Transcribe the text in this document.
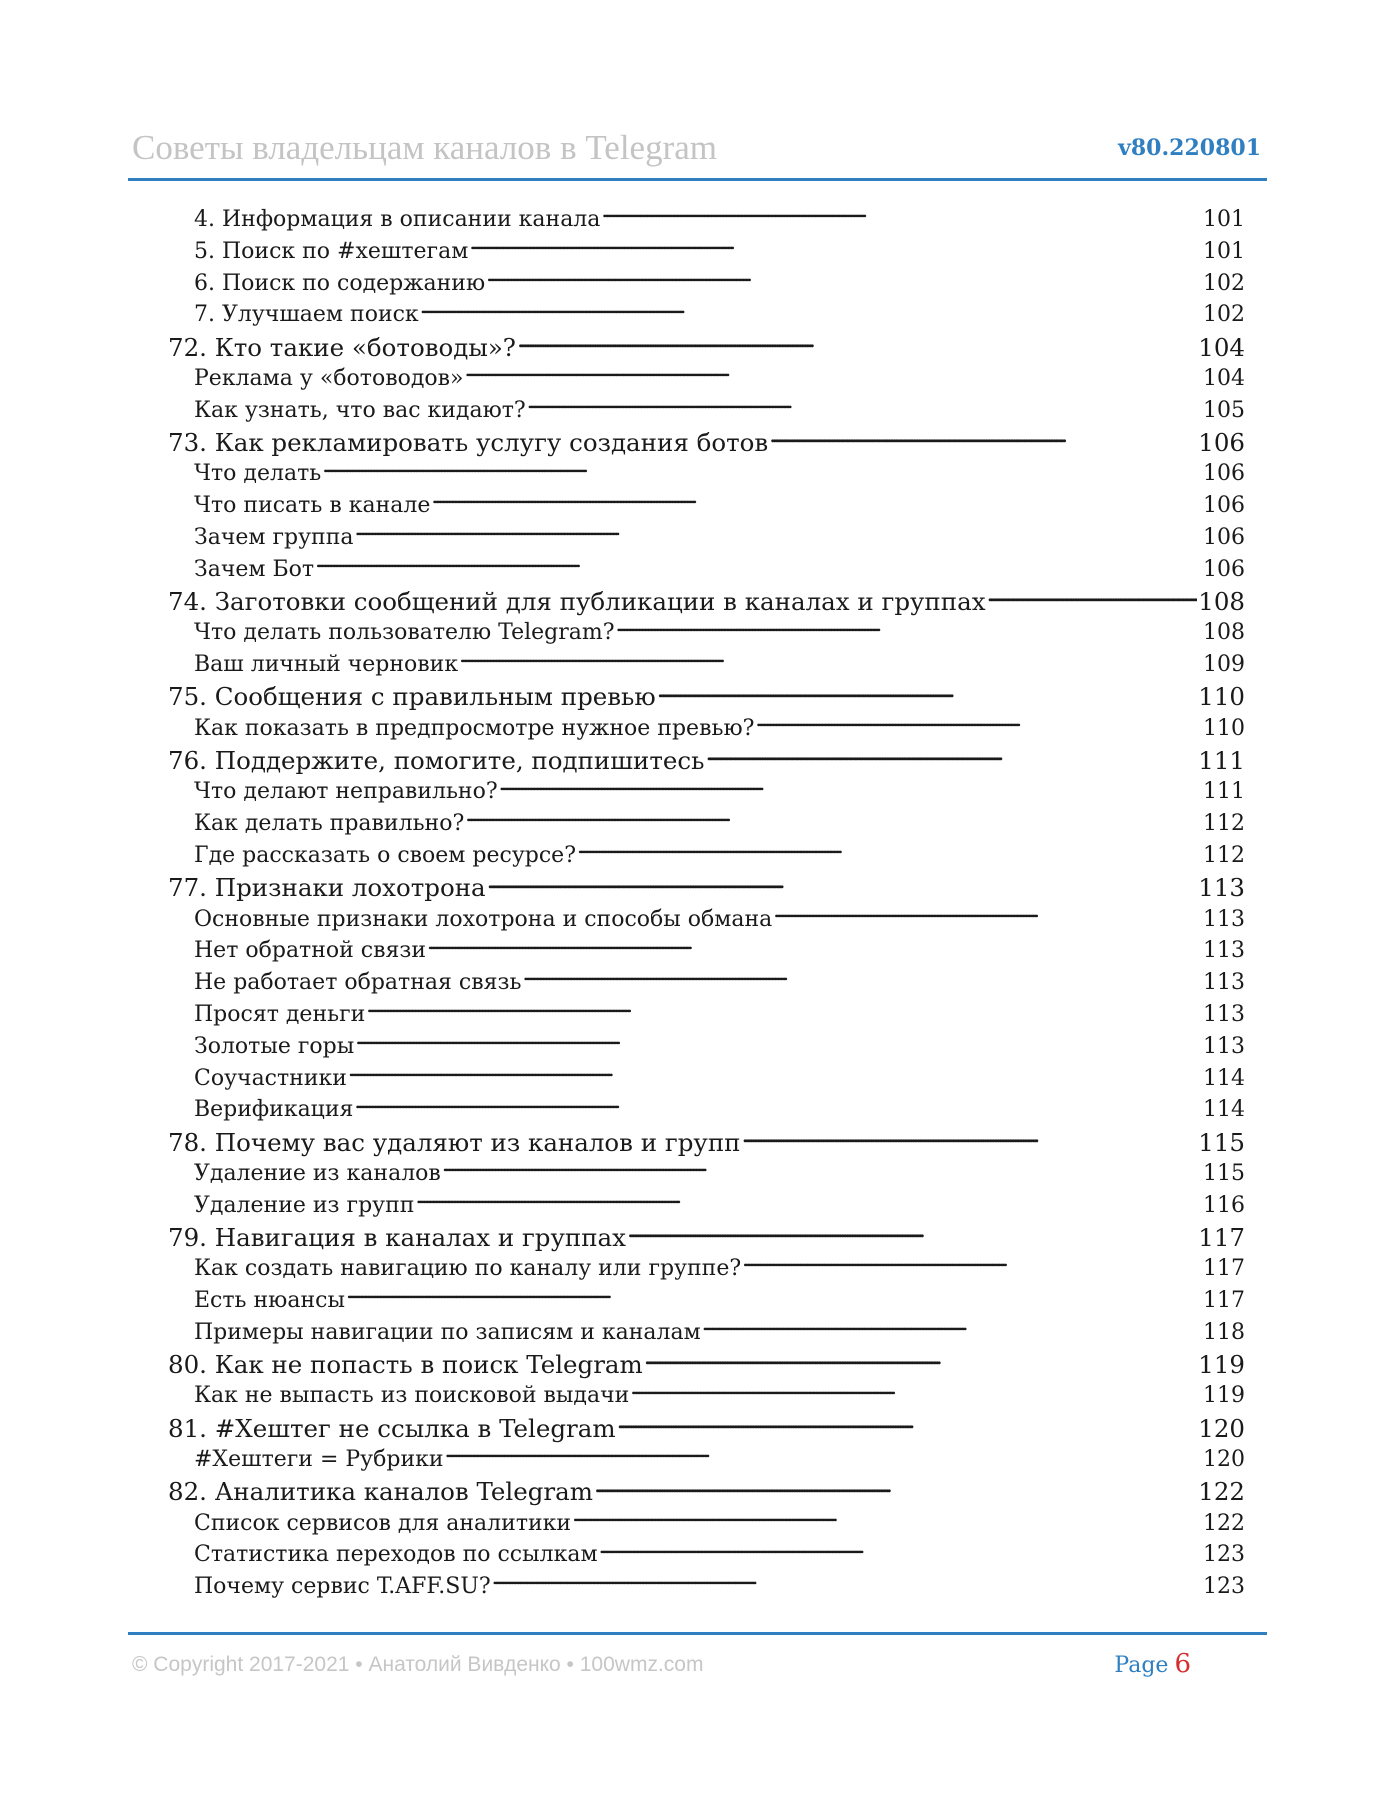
Советы владельцам каналов в Telegram	v80.220801
4. Информация в описании канала . . .	101
5. Поиск по #хештегам . . .	101
6. Поиск по содержанию . . .	102
7. Улучшаем поиск . . .	102
72. Кто такие «ботоводы»? . . .	104
Реклама у «ботоводов» . . .	104
Как узнать, что вас кидают? . . .	105
73. Как рекламировать услугу создания ботов . . .	106
Что делать . . .	106
Что писать в канале . . .	106
Зачем группа . . .	106
Зачем Бот . . .	106
74. Заготовки сообщений для публикации в каналах и группах . . .	108
Что делать пользователю Telegram? . . .	108
Ваш личный черновик . . .	109
75. Сообщения с правильным превью . . .	110
Как показать в предпросмотре нужное превью? . . .	110
76. Поддержите, помогите, подпишитесь . . .	111
Что делают неправильно? . . .	111
Как делать правильно? . . .	112
Где рассказать о своем ресурсе? . . .	112
77. Признаки лохотрона . . .	113
Основные признаки лохотрона и способы обмана . . .	113
Нет обратной связи . . .	113
Не работает обратная связь . . .	113
Просят деньги . . .	113
Золотые горы . . .	113
Соучастники . . .	114
Верификация . . .	114
78. Почему вас удаляют из каналов и групп . . .	115
Удаление из каналов . . .	115
Удаление из групп . . .	116
79. Навигация в каналах и группах . . .	117
Как создать навигацию по каналу или группе? . . .	117
Есть нюансы . . .	117
Примеры навигации по записям и каналам . . .	118
80. Как не попасть в поиск Telegram . . .	119
Как не выпасть из поисковой выдачи . . .	119
81. #Хештег не ссылка в Telegram . . .	120
#Хештеги = Рубрики . . .	120
82. Аналитика каналов Telegram . . .	122
Список сервисов для аналитики . . .	122
Статистика переходов по ссылкам . . .	123
Почему сервис T.AFF.SU? . . .	123
© Copyright 2017-2021 • Анатолий Вивденко • 100wmz.com	Page 6
